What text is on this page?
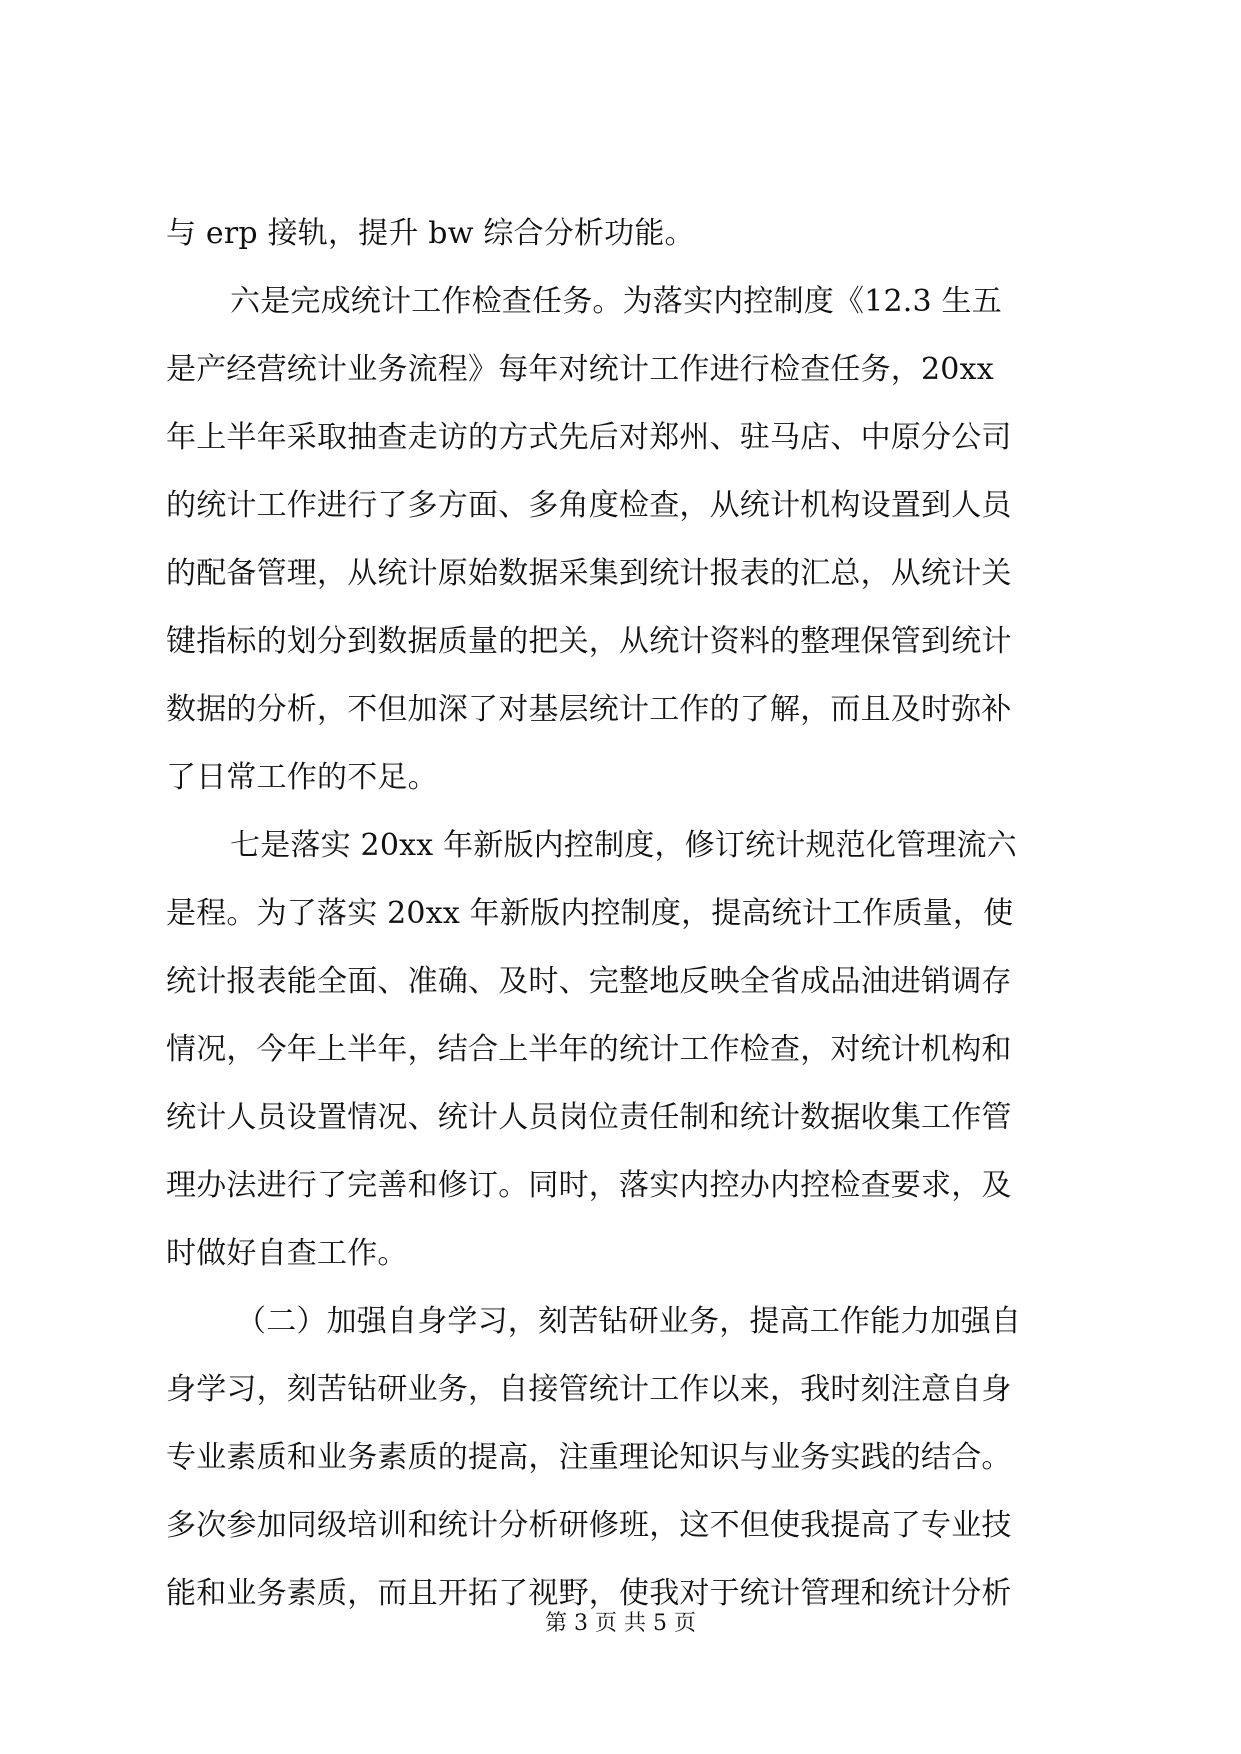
与 erp 接轨，提升 bw 综合分析功能。
六是完成统计工作检查任务。为落实内控制度《12.3 生五
是产经营统计业务流程》每年对统计工作进行检查任务，20xx
年上半年采取抽查走访的方式先后对郑州、驻马店、中原分公司
的统计工作进行了多方面、多角度检查，从统计机构设置到人员
的配备管理，从统计原始数据采集到统计报表的汇总，从统计关
键指标的划分到数据质量的把关，从统计资料的整理保管到统计
数据的分析，不但加深了对基层统计工作的了解，而且及时弥补
了日常工作的不足。
七是落实 20xx 年新版内控制度，修订统计规范化管理流六
是程。为了落实 20xx 年新版内控制度，提高统计工作质量，使
统计报表能全面、准确、及时、完整地反映全省成品油进销调存
情况，今年上半年，结合上半年的统计工作检查，对统计机构和
统计人员设置情况、统计人员岗位责任制和统计数据收集工作管
理办法进行了完善和修订。同时，落实内控办内控检查要求，及
时做好自查工作。
（二）加强自身学习，刻苦钻研业务，提高工作能力加强自
身学习，刻苦钻研业务，自接管统计工作以来，我时刻注意自身
专业素质和业务素质的提高，注重理论知识与业务实践的结合。
多次参加同级培训和统计分析研修班，这不但使我提高了专业技
能和业务素质，而且开拓了视野，使我对于统计管理和统计分析
第 3 页 共 5 页
